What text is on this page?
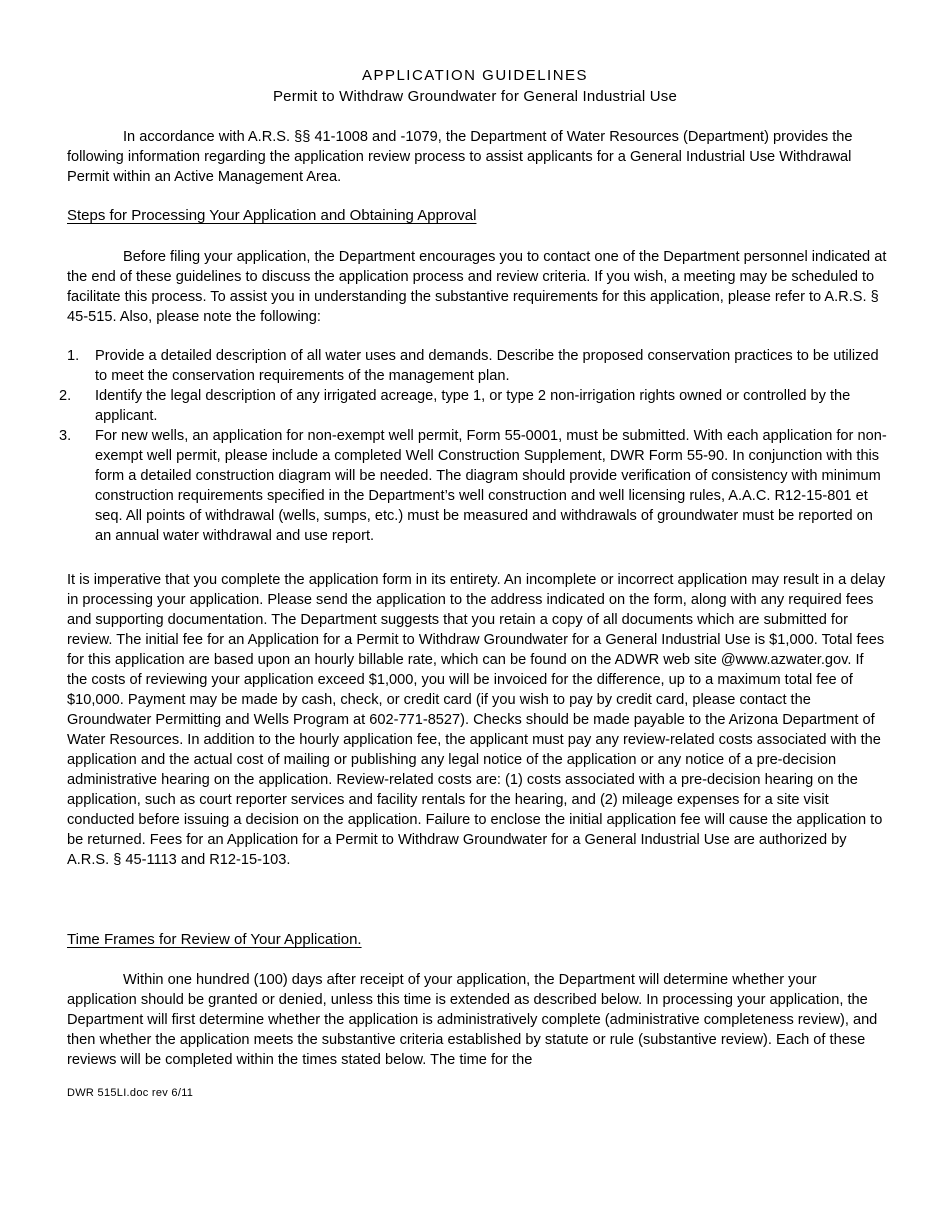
APPLICATION GUIDELINES
Permit to Withdraw Groundwater for General Industrial Use

In accordance with A.R.S. §§ 41-1008 and -1079, the Department of Water Resources (Department) provides the following information regarding the application review process to assist applicants for a General Industrial Use Withdrawal Permit within an Active Management Area.

Steps for Processing Your Application and Obtaining Approval

Before filing your application, the Department encourages you to contact one of the Department personnel indicated at the end of these guidelines to discuss the application process and review criteria. If you wish, a meeting may be scheduled to facilitate this process. To assist you in understanding the substantive requirements for this application, please refer to A.R.S. § 45-515. Also, please note the following:

1.	Provide a detailed description of all water uses and demands. Describe the proposed conservation practices to be utilized to meet the conservation requirements of the management plan.
2.	Identify the legal description of any irrigated acreage, type 1, or type 2 non-irrigation rights owned or controlled by the applicant.
3.	For new wells, an application for non-exempt well permit, Form 55-0001, must be submitted. With each application for non-exempt well permit, please include a completed Well Construction Supplement, DWR Form 55-90. In conjunction with this form a detailed construction diagram will be needed. The diagram should provide verification of consistency with minimum construction requirements specified in the Department’s well construction and well licensing rules, A.A.C. R12-15-801 et seq. All points of withdrawal (wells, sumps, etc.) must be measured and withdrawals of groundwater must be reported on an annual water withdrawal and use report.

It is imperative that you complete the application form in its entirety. An incomplete or incorrect application may result in a delay in processing your application. Please send the application to the address indicated on the form, along with any required fees and supporting documentation. The Department suggests that you retain a copy of all documents which are submitted for review. The initial fee for an Application for a Permit to Withdraw Groundwater for a General Industrial Use is $1,000. Total fees for this application are based upon an hourly billable rate, which can be found on the ADWR web site @www.azwater.gov. If the costs of reviewing your application exceed $1,000, you will be invoiced for the difference, up to a maximum total fee of $10,000. Payment may be made by cash, check, or credit card (if you wish to pay by credit card, please contact the Groundwater Permitting and Wells Program at 602-771-8527). Checks should be made payable to the Arizona Department of Water Resources. In addition to the hourly application fee, the applicant must pay any review-related costs associated with the application and the actual cost of mailing or publishing any legal notice of the application or any notice of a pre-decision administrative hearing on the application. Review-related costs are: (1) costs associated with a pre-decision hearing on the application, such as court reporter services and facility rentals for the hearing, and (2) mileage expenses for a site visit conducted before issuing a decision on the application. Failure to enclose the initial application fee will cause the application to be returned. Fees for an Application for a Permit to Withdraw Groundwater for a General Industrial Use are authorized by A.R.S. § 45-1113 and R12-15-103.

Time Frames for Review of Your Application.

Within one hundred (100) days after receipt of your application, the Department will determine whether your application should be granted or denied, unless this time is extended as described below. In processing your application, the Department will first determine whether the application is administratively complete (administrative completeness review), and then whether the application meets the substantive criteria established by statute or rule (substantive review). Each of these reviews will be completed within the times stated below. The time for the

DWR 515LI.doc rev 6/11
